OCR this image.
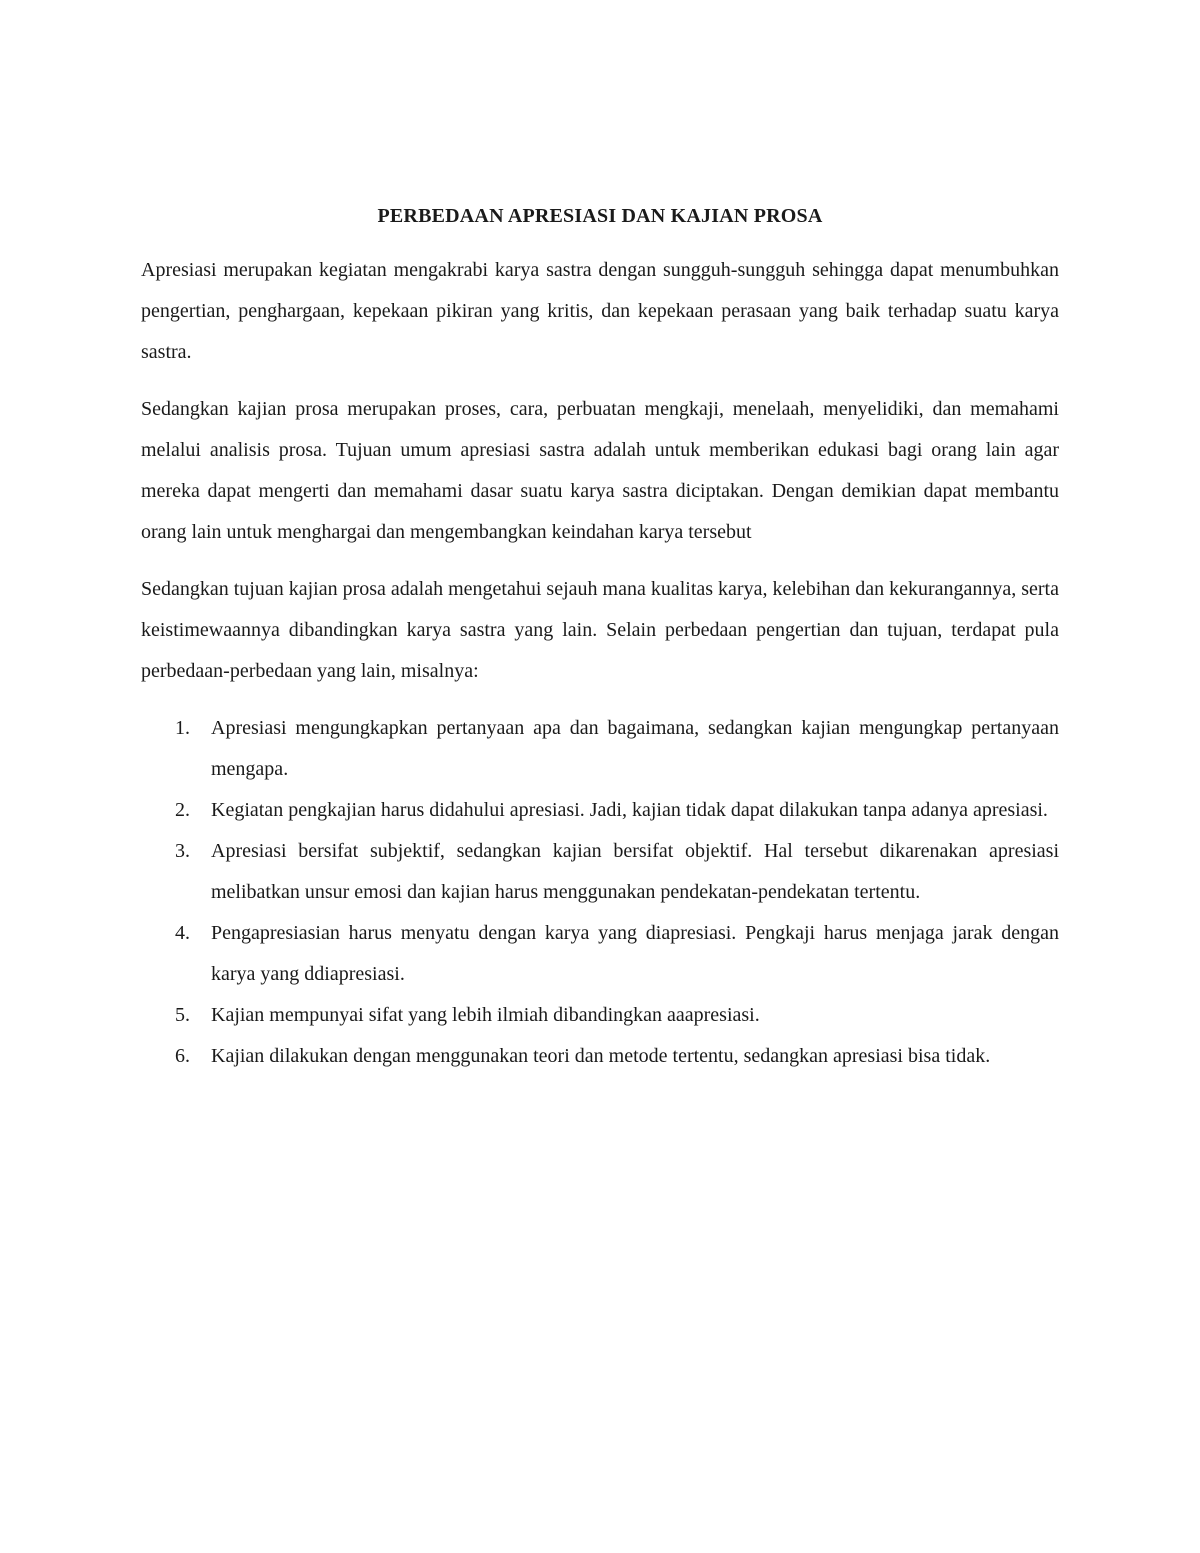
PERBEDAAN APRESIASI DAN KAJIAN PROSA

Apresiasi merupakan kegiatan mengakrabi karya sastra dengan sungguh-sungguh sehingga dapat menumbuhkan pengertian, penghargaan, kepekaan pikiran yang kritis, dan kepekaan perasaan yang baik terhadap suatu karya sastra.

Sedangkan kajian prosa merupakan proses, cara, perbuatan mengkaji, menelaah, menyelidiki, dan memahami melalui analisis prosa. Tujuan umum apresiasi sastra adalah untuk memberikan edukasi bagi orang lain agar mereka dapat mengerti dan memahami dasar suatu karya sastra diciptakan. Dengan demikian dapat membantu orang lain untuk menghargai dan mengembangkan keindahan karya tersebut

Sedangkan tujuan kajian prosa adalah mengetahui sejauh mana kualitas karya, kelebihan dan kekurangannya, serta keistimewaannya dibandingkan karya sastra yang lain. Selain perbedaan pengertian dan tujuan, terdapat pula perbedaan-perbedaan yang lain, misalnya:

1. Apresiasi mengungkapkan pertanyaan apa dan bagaimana, sedangkan kajian mengungkap pertanyaan mengapa.
2. Kegiatan pengkajian harus didahului apresiasi. Jadi, kajian tidak dapat dilakukan tanpa adanya apresiasi.
3. Apresiasi bersifat subjektif, sedangkan kajian bersifat objektif. Hal tersebut dikarenakan apresiasi melibatkan unsur emosi dan kajian harus menggunakan pendekatan-pendekatan tertentu.
4. Pengapresiasian harus menyatu dengan karya yang diapresiasi. Pengkaji harus menjaga jarak dengan karya yang ddiapresiasi.
5. Kajian mempunyai sifat yang lebih ilmiah dibandingkan aaapresiasi.
6. Kajian dilakukan dengan menggunakan teori dan metode tertentu, sedangkan apresiasi bisa tidak.
